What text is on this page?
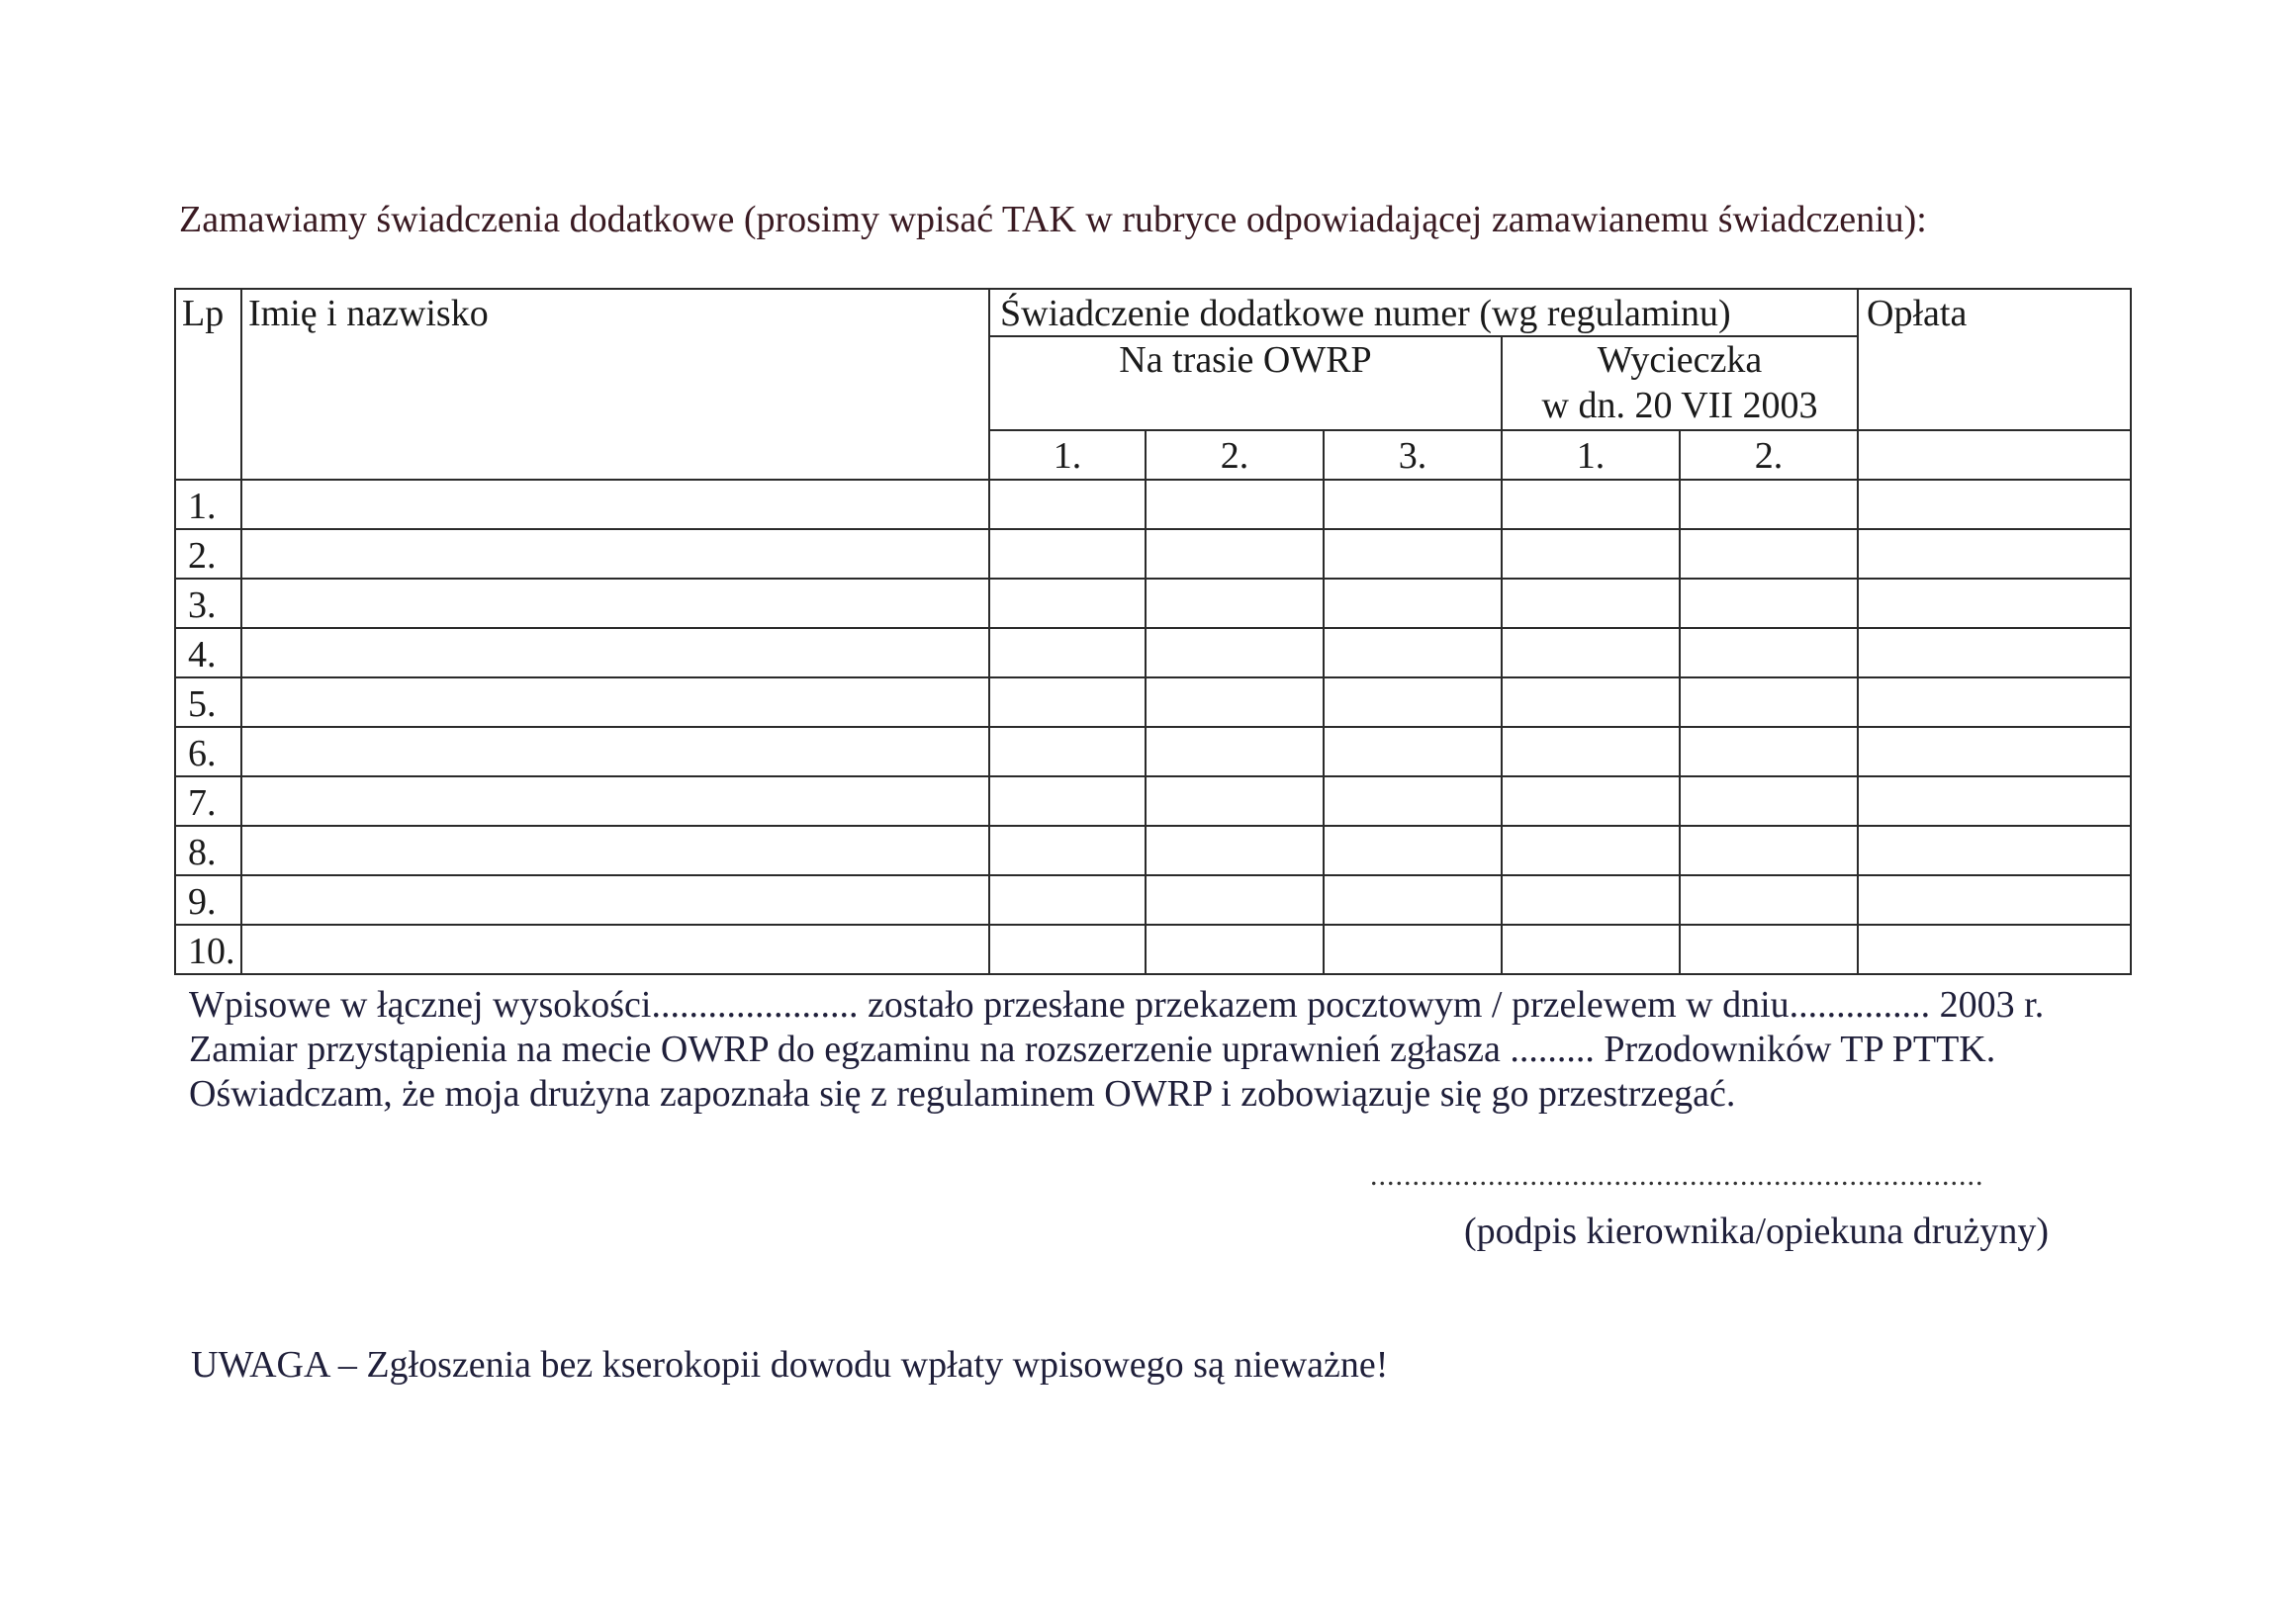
Zamawiamy świadczenia dodatkowe (prosimy wpisać TAK w rubryce odpowiadającej zamawianemu świadczeniu):
Lp	Imię i nazwisko	Świadczenie dodatkowe numer (wg regulaminu)					Opłata
		Na trasie OWRP			Wycieczka
w dn. 20 VII 2003		

		1.	2.	3.	1.	2.	
1.							
2.							
3.							
4.							
5.							
6.							
7.							
8.							
9.							
10.							
Wpisowe w łącznej wysokości...................... zostało przesłane przekazem pocztowym / przelewem w dniu............... 2003 r.
Zamiar przystąpienia na mecie OWRP do egzaminu na rozszerzenie uprawnień zgłasza ......... Przodowników TP PTTK.
Oświadczam, że moja drużyna zapoznała się z regulaminem OWRP i zobowiązuje się go przestrzegać.
.........................................................................
(podpis kierownika/opiekuna drużyny)
UWAGA – Zgłoszenia bez kserokopii dowodu wpłaty wpisowego są nieważne!
